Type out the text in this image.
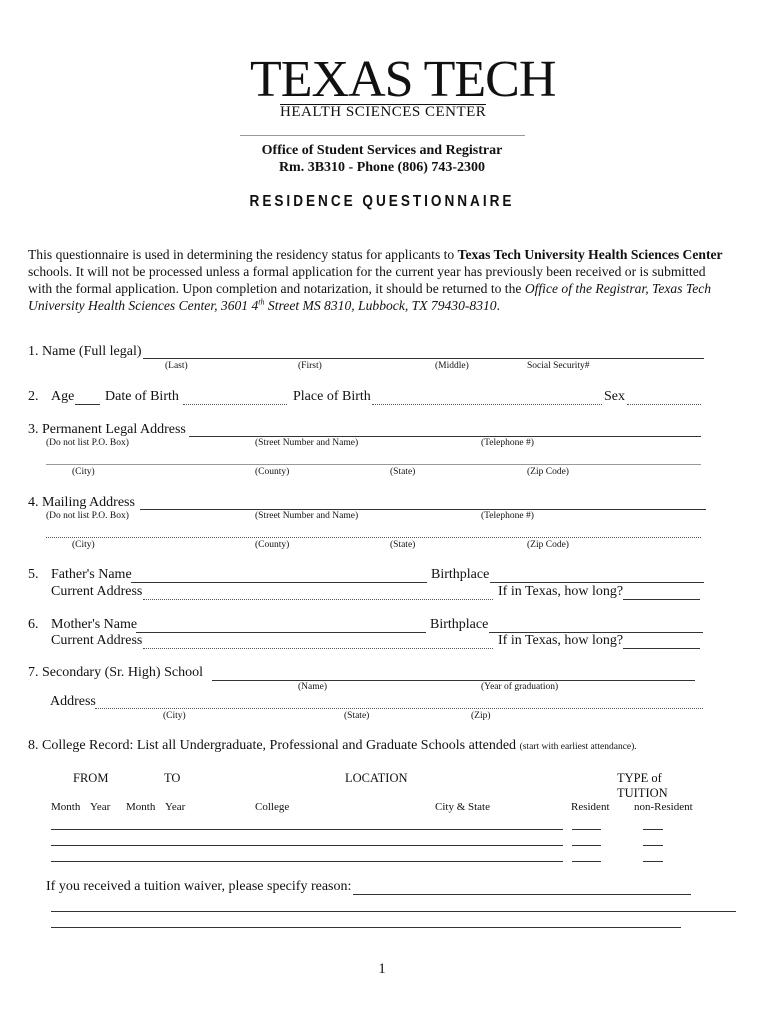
TEXAS TECH
HEALTH SCIENCES CENTER
Office of Student Services and Registrar
Rm. 3B310 - Phone (806) 743-2300
RESIDENCE QUESTIONNAIRE
This questionnaire is used in determining the residency status for applicants to Texas Tech University Health Sciences Center schools. It will not be processed unless a formal application for the current year has previously been received or is submitted with the formal application. Upon completion and notarization, it should be returned to the Office of the Registrar, Texas Tech University Health Sciences Center, 3601 4th Street MS 8310, Lubbock, TX 79430-8310.
1. Name (Full legal)
(Last)	(First)	(Middle)	Social Security#
2. Age Date of Birth	Place of Birth	Sex
3. Permanent Legal Address
(Do not list P.O. Box)	(Street Number and Name)	(Telephone #)
(City)	(County)	(State)	(Zip Code)
4. Mailing Address
(Do not list P.O. Box)	(Street Number and Name)	(Telephone #)
(City)	(County)	(State)	(Zip Code)
5. Father's Name	Birthplace
Current Address	If in Texas, how long?
6. Mother's Name	Birthplace
Current Address	If in Texas, how long?
7. Secondary (Sr. High) School
(Name)	(Year of graduation)
Address
(City)	(State)	(Zip)
8. College Record: List all Undergraduate, Professional and Graduate Schools attended (start with earliest attendance).
FROM	TO	LOCATION	TYPE of
TUITION
Month Year Month Year	College	City & State	Resident non-Resident
If you received a tuition waiver, please specify reason:
1
